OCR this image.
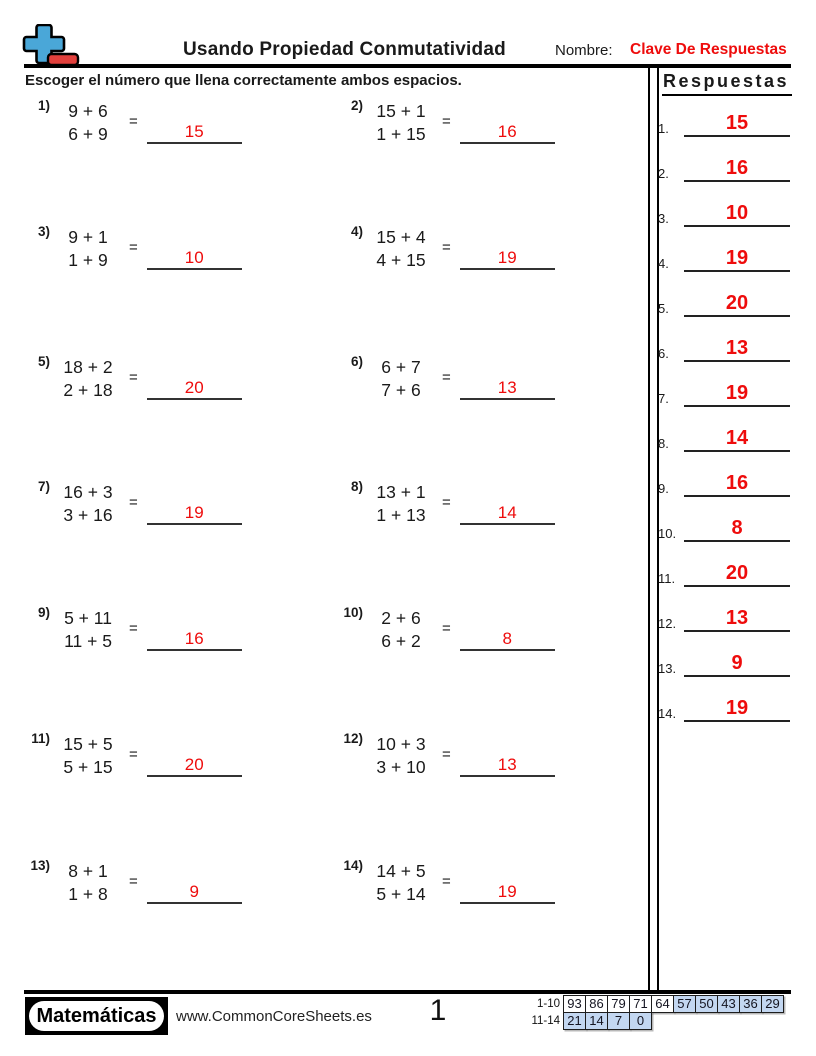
Usando Propiedad Conmutatividad	Nombre: Clave De Respuestas
Escoger el número que llena correctamente ambos espacios.
1)	9 + 6
6 + 9
=
15
2) 15 + 1
1 + 15
=
16
3)	9 + 1
1 + 9
=
10
4) 15 + 4
4 + 15
=
19
5) 18 + 2
2 + 18
=
20
6)	6 + 7
7 + 6
=
13
7) 16 + 3
3 + 16
=
19
8) 13 + 1
1 + 13
=
14
9) 5 + 11
11 + 5
=
16
10)	2 + 6
6 + 2
=
8
11) 15 + 5
5 + 15
=
20
12) 10 + 3
3 + 10
=
13
13)	8 + 1
1 + 8
=
9
14) 14 + 5
5 + 14
=
19
Respuestas
1.	15
2.	16
3.	10
4.	19
5.	20
6.	13
7.	19
8.	14
9.	16
10.	8
11.	20
12.	13
13.	9
14.	19
Matemáticas www.CommonCoreSheets.es	1	1-10 93 86 79 71 64 57 50 43 36 29
11-14 21 14 7	0
